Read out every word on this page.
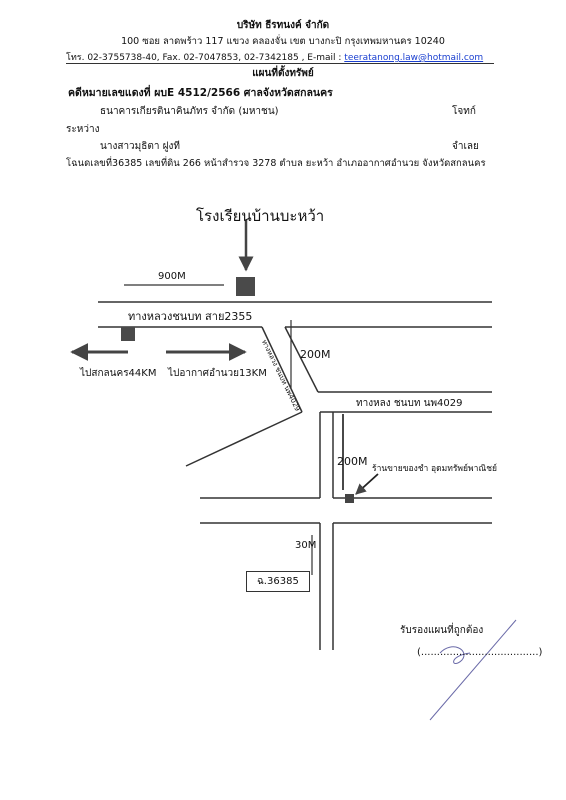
บริษัท ธีรทนงค์ จำกัด
100 ซอย ลาดพร้าว 117 แขวง คลองจั่น เขต บางกะปิ กรุงเทพมหานคร 10240
โทร. 02-3755738-40, Fax. 02-7047853, 02-7342185 , E-mail : teeratanong.law@hotmail.com
แผนที่ตั้งทรัพย์
คดีหมายเลขแดงที่ ผบE 4512/2566 ศาลจังหวัดสกลนคร
ธนาคารเกียรตินาคินภัทร จำกัด (มหาชน)	โจทก์
ระหว่าง
นางสาวมุธิตา ฝูงที	จำเลย
โฉนดเลขที่36385 เลขที่ดิน 266 หน้าสำรวจ 3278 ตำบล ยะหว้า อำเภออากาศอำนวย จังหวัดสกลนคร
โรงเรียนบ้านบะหว้า
900M
ทางหลวงชนบท สาย2355
ทางหลวง ชนบท นพ4029
200M
ไปสกลนคร44KM ไปอากาศอำนวย13KM
ทางหลง ชนบท นพ4029
200M
ร้านขายของชำ อุดมทรัพย์พาณิชย์
30M
ฉ.36385
รับรองแผนที่ถูกต้อง
(.....................................)
